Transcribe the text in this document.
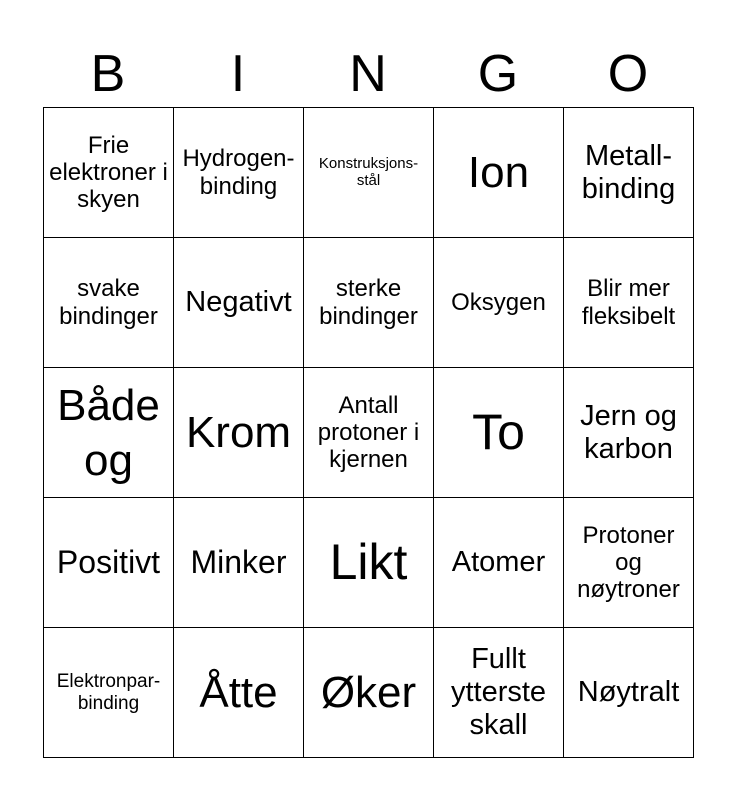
B	I	N	G	O
Frie elektroner i skyen	Hydrogen-binding	Konstruksjons-stål	Ion	Metall-binding
svake bindinger	Negativt	sterke bindinger	Oksygen	Blir mer fleksibelt
Både og	Krom	Antall protoner i kjernen	To	Jern og karbon
Positivt	Minker	Likt	Atomer	Protoner og nøytroner
Elektronpar-binding	Åtte	Øker	Fullt ytterste skall	Nøytralt
